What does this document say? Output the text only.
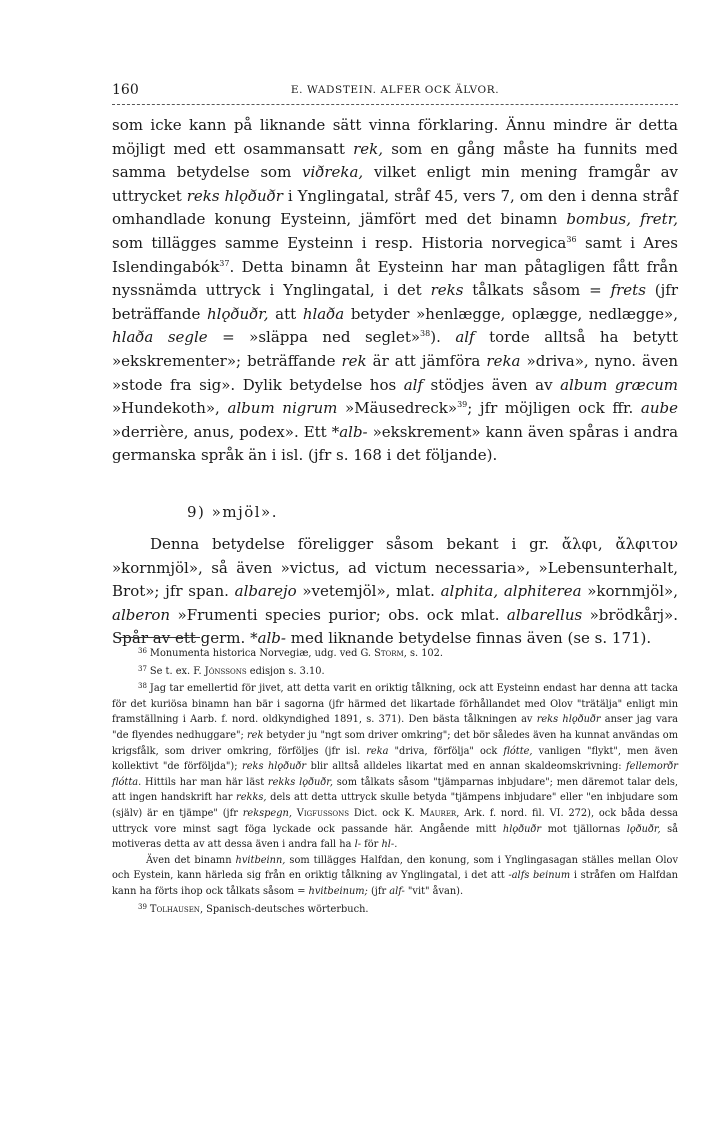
160	E. WADSTEIN. ALFER OCK ÄLVOR.

som icke kann på liknande sätt vinna förklaring. Ännu mindre är detta möjligt med ett osammansatt rek, som en gång måste ha funnits med samma betydelse som viðreka, vilket enligt min mening framgår av uttrycket reks hlǫðuðr i Ynglingatal, stråf 45, vers 7, om den i denna stråf omhandlade konung Eysteinn, jämfört med det binamn bombus, fretr, som tillägges samme Eysteinn i resp. Historia norvegica$^{36}$ samt i Ares Islendingabók$^{37}$. Detta binamn åt Eysteinn har man påtagligen fått från nyssnämda uttryck i Ynglingatal, i det reks tålkats såsom = frets (jfr beträffande hlǫðuðr, att hlaða betyder »henlægge, oplægge, nedlægge», hlaða segle = »släppa ned seglet»$^{38}$). alf torde alltså ha betytt »ekskrementer»; beträffande rek är att jämföra reka »driva», nyno. även »stode fra sig». Dylik betydelse hos alf stödjes även av album græcum »Hundekoth», album nigrum »Mäusedreck»$^{39}$; jfr möjligen ock ffr. aube »derrière, anus, podex». Ett *alb- »ekskrement» kann även spåras i andra germanska språk än i isl. (jfr s. 168 i det följande).

9) »mjöl».

Denna betydelse föreligger såsom bekant i gr. ἄλφι, ἄλφιτον »kornmjöl», så även »victus, ad victum necessaria», »Lebensunterhalt, Brot»; jfr span. albarejo »vetemjöl», mlat. alphita, alphiterea »kornmjöl», alberon »Frumenti species purior; obs. ock mlat. albarellus »brödkårj». Spår av ett germ. *alb- med liknande betydelse finnas även (se s. 171).

$^{36}$ Monumenta historica Norvegiæ, udg. ved G. Storm, s. 102.

$^{37}$ Se t. ex. F. Jónssons edisjon s. 3.10.

$^{38}$ Jag tar emellertid för jivet, att detta varit en oriktig tålkning, ock att Eysteinn endast har denna att tacka för det kuriösa binamn han bär i sagorna (jfr härmed det likartade förhållandet med Olov "trätälja" enligt min framställning i Aarb. f. nord. oldkyndighed 1891, s. 371). Den bästa tålkningen av reks hlǫðuðr anser jag vara "de flyendes nedhuggare"; rek betyder ju "ngt som driver omkring"; det bör således även ha kunnat användas om krigsfålk, som driver omkring, förföljes (jfr isl. reka "driva, förfölja" ock flótte, vanligen "flykt", men även kollektivt "de förföljda"); reks hlǫðuðr blir alltså alldeles likartat med en annan skaldeomskrivning: fellemorðr flótta. Hittils har man här läst rekks lǫðuðr, som tålkats såsom "tjämparnas inbjudare"; men däremot talar dels, att ingen handskrift har rekks, dels att detta uttryck skulle betyda "tjämpens inbjudare" eller "en inbjudare som (själv) är en tjämpe" (jfr rekspegn, Vigfussons Dict. ock K. Maurer, Ark. f. nord. fil. VI. 272), ock båda dessa uttryck vore minst sagt föga lyckade ock passande här. Angående mitt hlǫðuðr mot tjällornas lǫðuðr, så motiveras detta av att dessa även i andra fall ha l- för hl-.

Även det binamn hvitbeinn, som tillägges Halfdan, den konung, som i Ynglingasagan ställes mellan Olov och Eystein, kann härleda sig från en oriktig tålkning av Ynglingatal, i det att -alfs beinum i stråfen om Halfdan kann ha förts ihop ock tålkats såsom = hvitbeinum; (jfr alf- "vit" åvan).

$^{39}$ Tolhausen, Spanisch-deutsches wörterbuch.
